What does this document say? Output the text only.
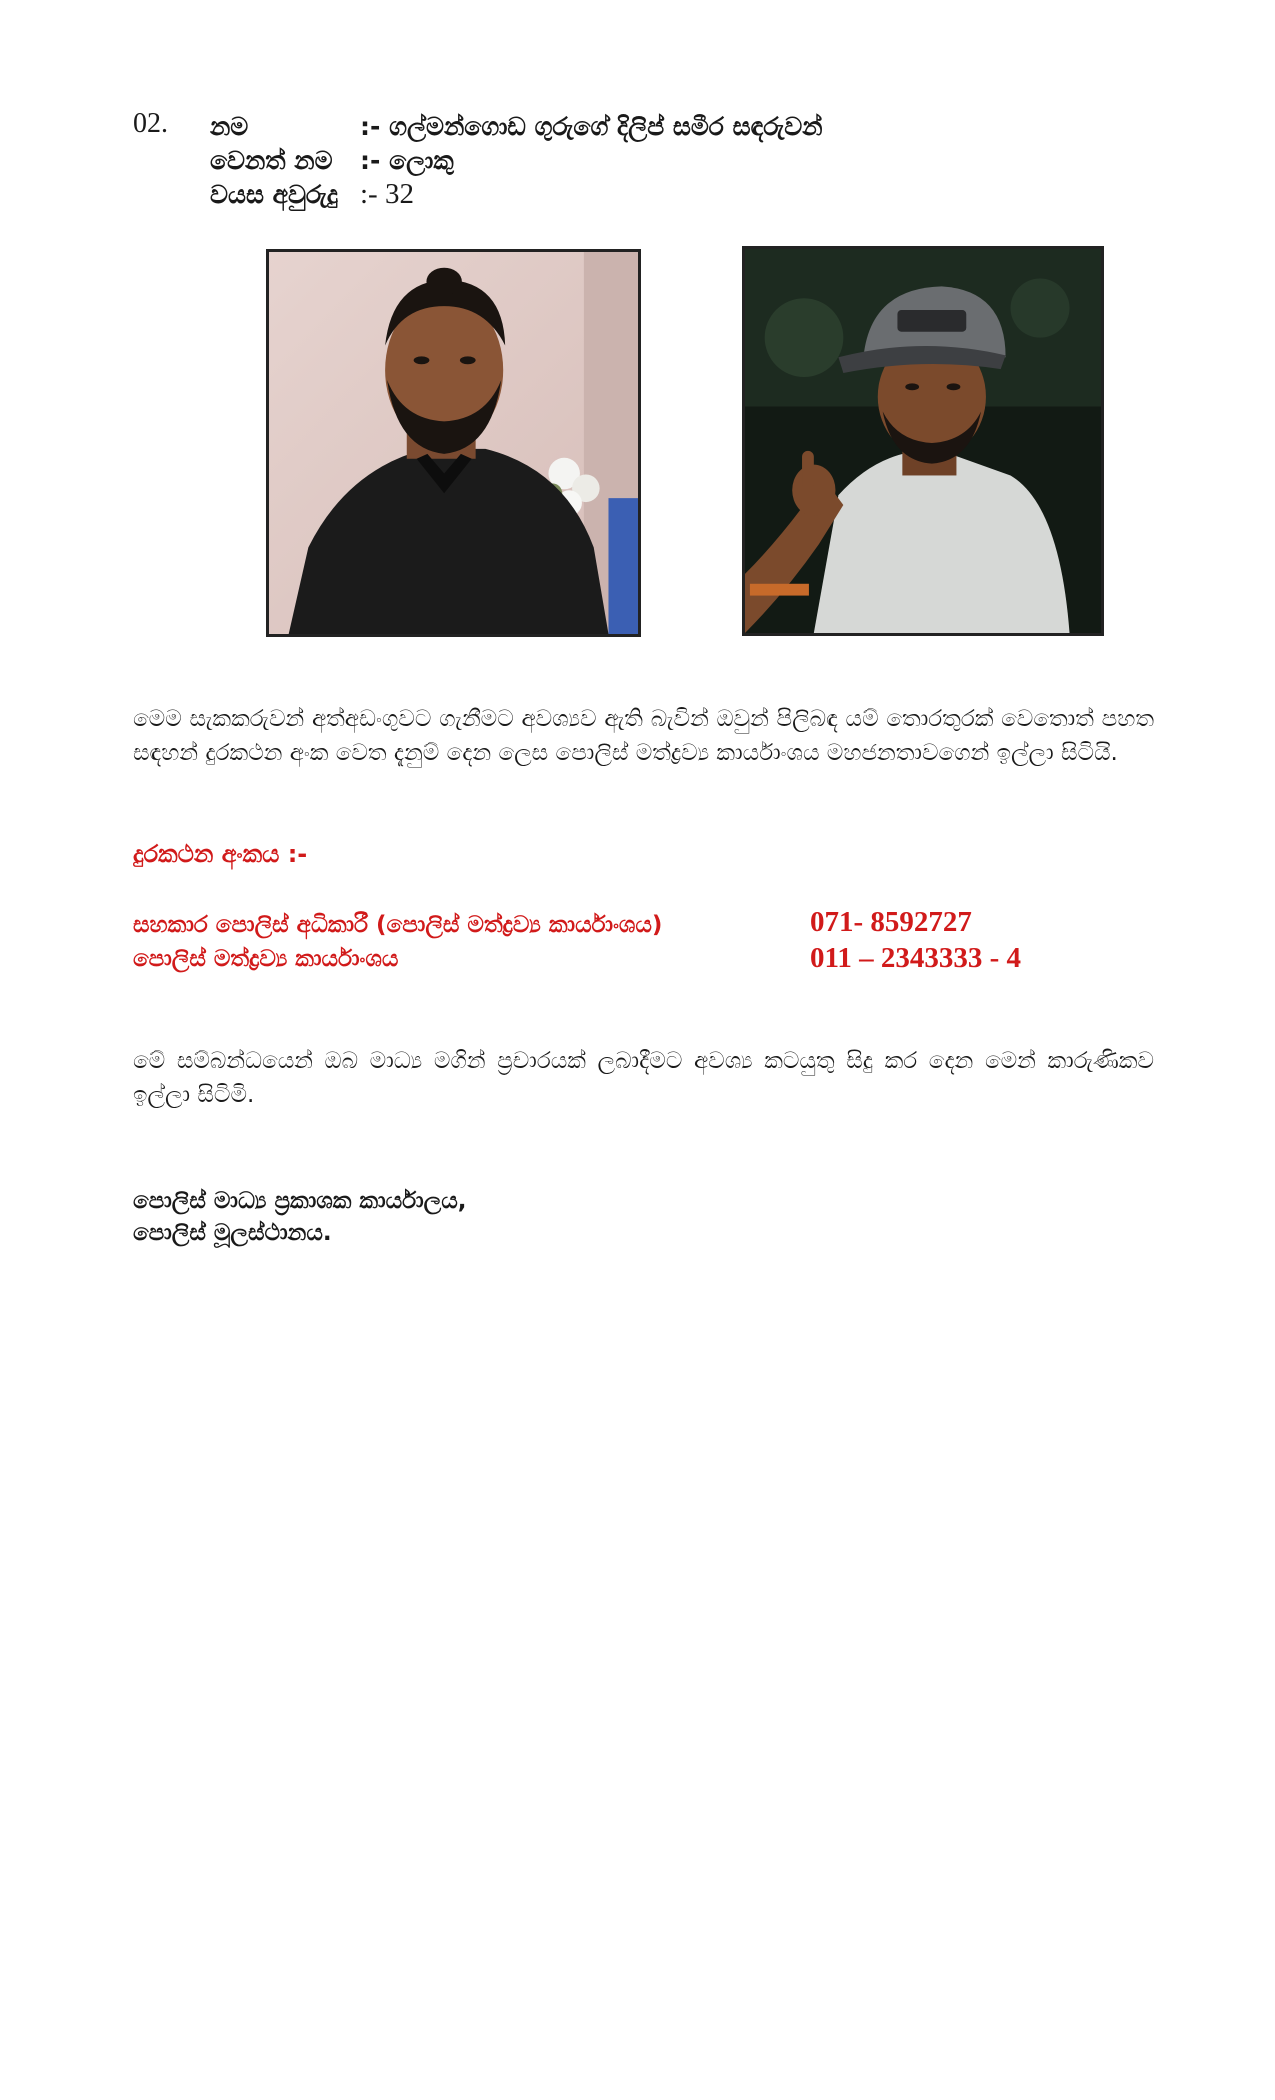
02. නම	:- ගල්මන්ගොඩ ගුරුගේ දිලිප් සමීර සඳරුවන්
වෙනත් නම :- ලොකු
වයස අවුරුදු :- 32
මෙම සැකකරුවන් අත්අඩංගුවට ගැනීමට අවශ්‍යව ඇති බැවින් ඔවුන් පිලිබඳ යම් තොරතුරක් වෙතොත් පහත සඳහන් දුරකථන අංක වෙත දැනුම් දෙන ලෙස පොලිස් මත්ද්‍රව්‍ය කාර්යාංශය මහජනතාවගෙන් ඉල්ලා සිටියි.
දුරකථන අංකය :-
සහකාර පොලිස් අධිකාරී (පොලිස් මත්ද්‍රව්‍ය කාර්යාංශය)	071- 8592727
පොලිස් මත්ද්‍රව්‍ය කාර්යාංශය	011 – 2343333 - 4
මේ සම්බන්ධයෙන් ඔබ මාධ්‍ය මගින් ප්‍රචාරයක් ලබාදීමට අවශ්‍ය කටයුතු සිදු කර දෙන මෙන් කාරුණිකව ඉල්ලා සිටිමි.
පොලිස් මාධ්‍ය ප්‍රකාශක කාර්යාලය,
පොලිස් මූලස්ථානය.
